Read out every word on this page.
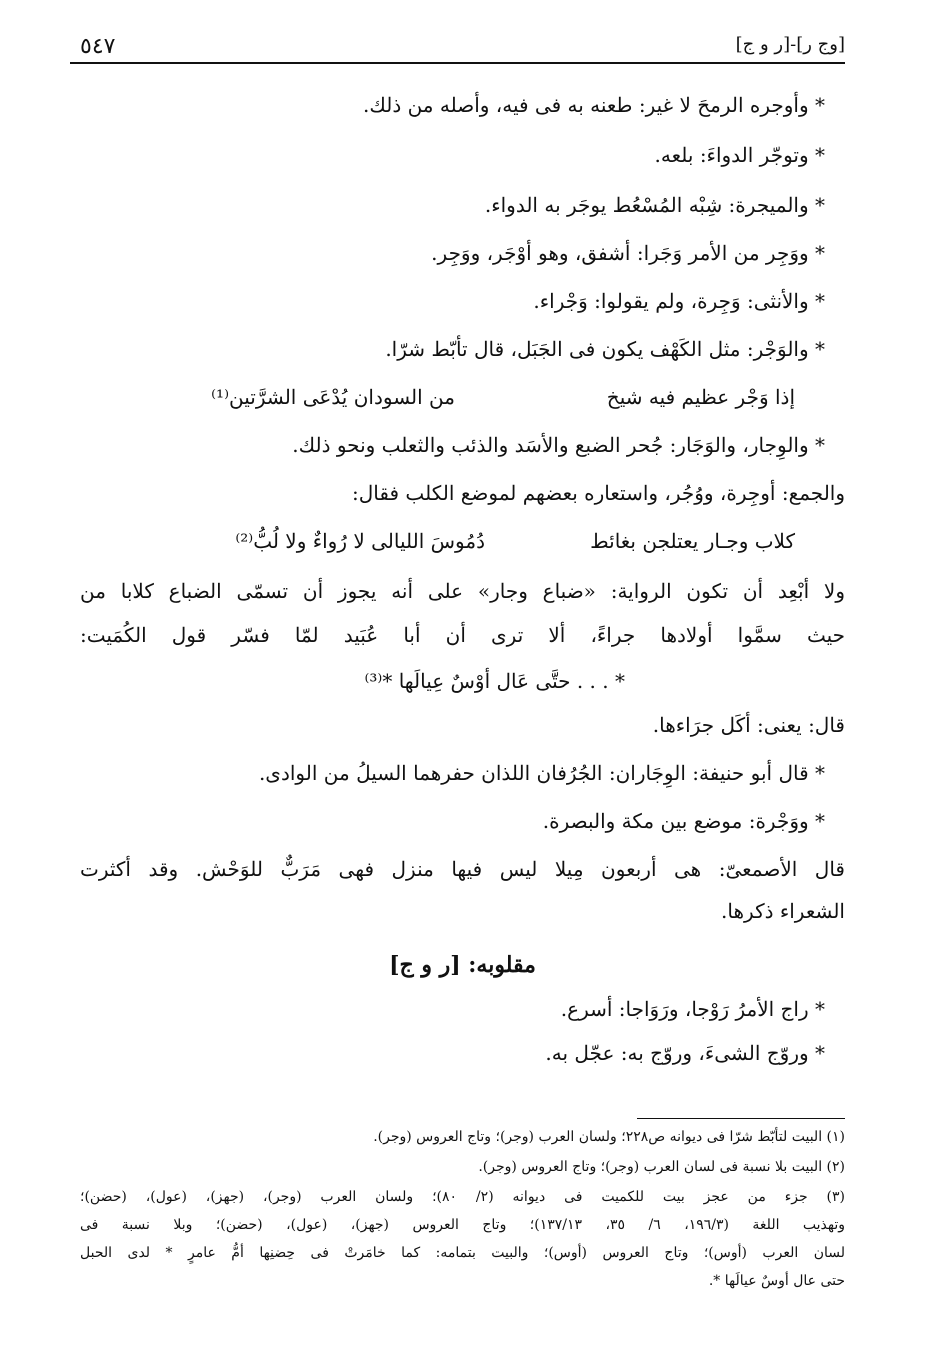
[وج ر]-[ر و ج]
٥٤٧
* وأوجره الرمحَ لا غير: طعنه به فى فيه، وأصله من ذلك.
* وتوجّر الدواءَ: بلعه.
* والميجرة: شِبْه المُسْعُط يوجَر به الدواء.
* ووَجِر من الأمر وَجَرا: أشفق، وهو أوْجَر، ووَجِر.
* والأنثى: وَجِرة، ولم يقولوا: وَجْراء.
* والوَجْر: مثل الكَهْف يكون فى الجَبَل، قال تأبّط شرّا.
إذا وَجْر عظيم فيه شيخ
من السودان يُدْعَى الشرَّتين⁽¹⁾
* والوِجار، والوَجَار: جُحر الضبع والأسَد والذئب والثعلب ونحو ذلك.
والجمع: أوجِرة، ووُجُر، واستعاره بعضهم لموضع الكلب فقال:
كلاب وجـار يعتلجن بغائط
دُمُوسَ الليالى لا رُواءٌ ولا لُبُّ⁽²⁾
ولا أبْعِد أن تكون الرواية: «ضباع وجار» على أنه يجوز أن تسمّى الضباع كلابا من
حيث سمَّوا أولادها جراءً، ألا ترى أن أبا عُبَيد لمّا فسّر قول الكُمَيت:
* . . . حتَّى عَال أوْسٌ عِيالَها *⁽³⁾
قال: يعنى: أكَل جرَاءها.
* قال أبو حنيفة: الوِجَاران: الجُرُفان اللذان حفرهما السيلُ من الوادى.
* ووَجْرة: موضع بين مكة والبصرة.
قال الأصمعىّ: هى أربعون مِيلا ليس فيها منزل فهى مَرَبٌّ للوَحْش. وقد أكثرت
الشعراء ذكرها.
مقلوبه: [ر و ج]
* راج الأمرُ رَوْجا، ورَوَاجا: أسرع.
* وروّج الشىءَ، وروّج به: عجّل به.
(١) البيت لتأبّط شرّا فى ديوانه ص٢٢٨؛ ولسان العرب (وجر)؛ وتاج العروس (وجر).
(٢) البيت بلا نسبة فى لسان العرب (وجر)؛ وتاج العروس (وجر).
(٣) جزء من عجز بيت للكميت فى ديوانه (٢/ ٨٠)؛ ولسان العرب (وجر)، (جهز)، (عول)، (حضن)؛
وتهذيب اللغة (١٩٦/٣، ٦/ ٣٥، ١٣٧/١٣)؛ وتاج العروس (جهز)، (عول)، (حضن)؛ وبلا نسبة فى
لسان العرب (أوس)؛ وتاج العروس (أوس)؛ والبيت بتمامه: كما خامَرتْ فى حِضنِها أمُّ عامرٍ * لدى الحبل
حتى عال أوسٌ عيالَها *.
